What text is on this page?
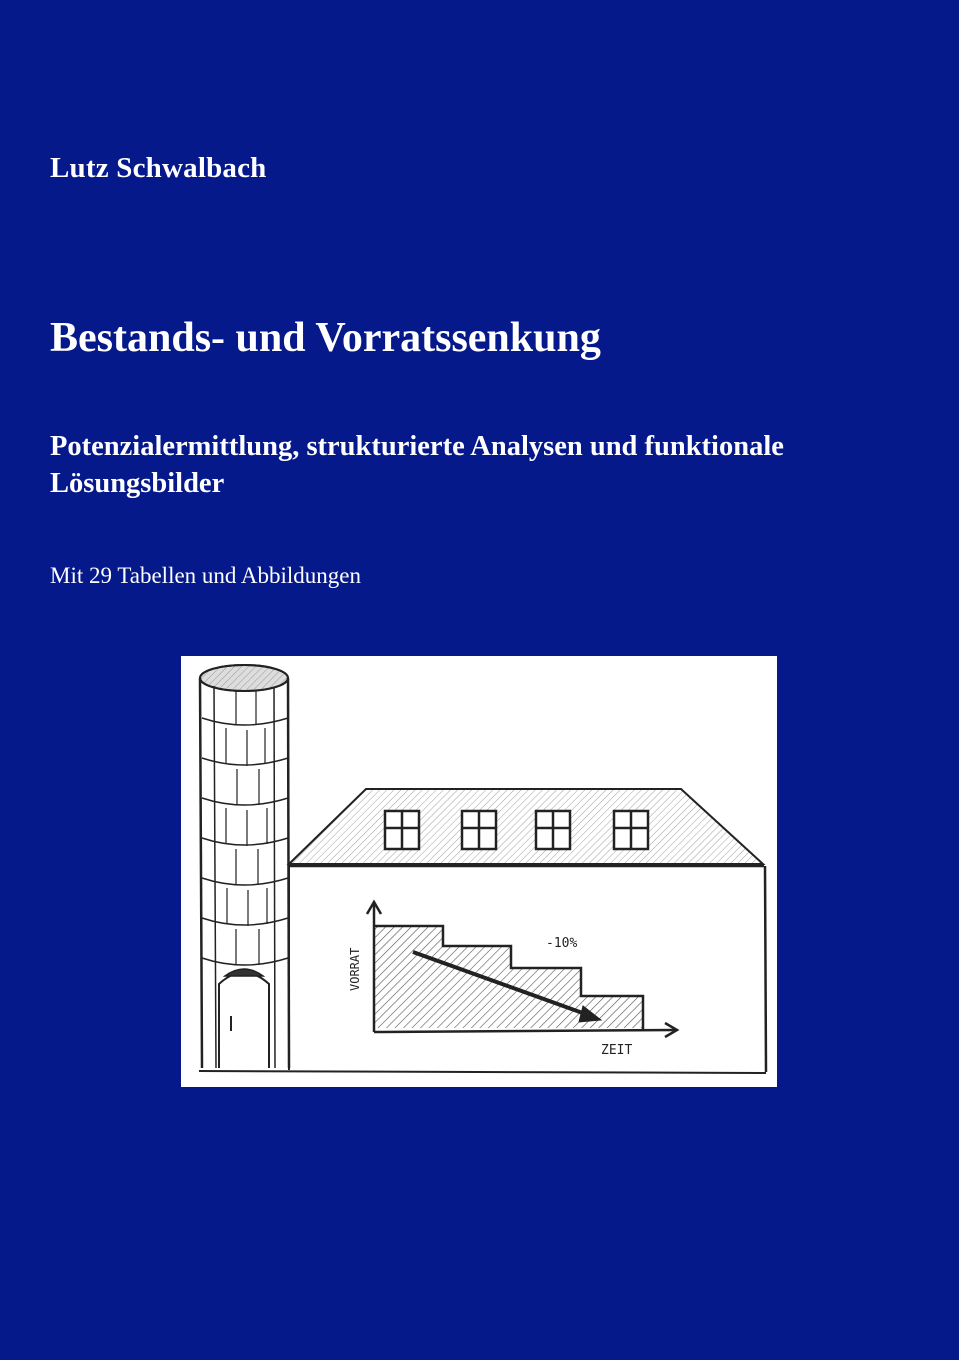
Lutz Schwalbach
Bestands- und Vorratssenkung
Potenzialermittlung, strukturierte Analysen und funktionale Lösungsbilder
Mit 29 Tabellen und Abbildungen
VORRAT
ZEIT
-10%
